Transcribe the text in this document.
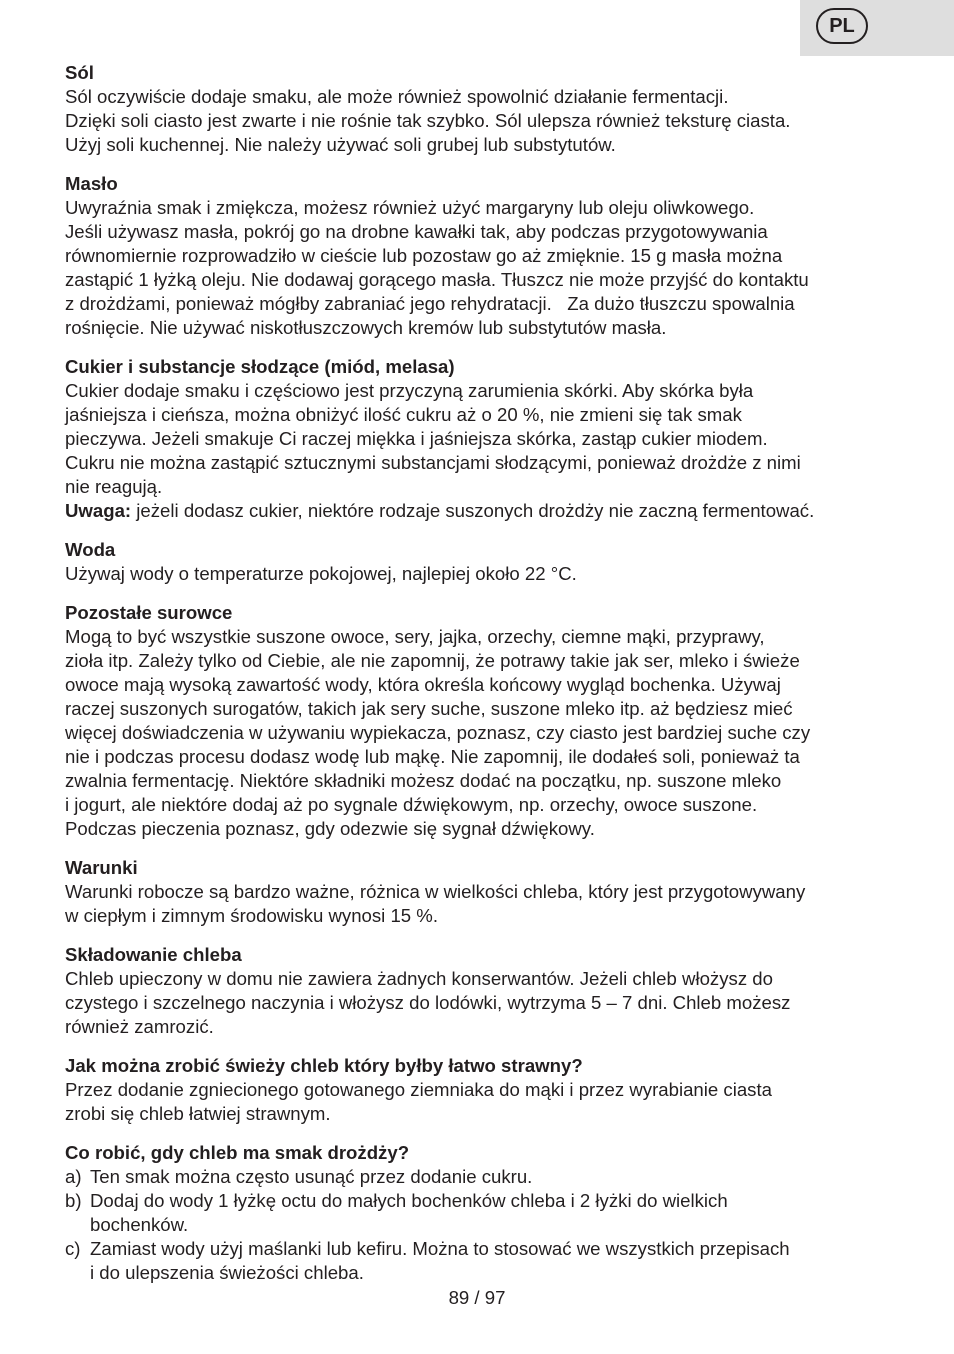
PL
Sól

Sól oczywiście dodaje smaku, ale może również spowolnić działanie fermentacji.

Dzięki soli ciasto jest zwarte i nie rośnie tak szybko. Sól ulepsza również teksturę ciasta.

Użyj soli kuchennej. Nie należy używać soli grubej lub substytutów.

Masło

Uwyraźnia smak i zmiękcza, możesz również użyć margaryny lub oleju oliwkowego.

Jeśli używasz masła, pokrój go na drobne kawałki tak, aby podczas przygotowywania

równomiernie rozprowadziło w cieście lub pozostaw go aż zmięknie. 15 g masła można

zastąpić 1 łyżką oleju. Nie dodawaj gorącego masła. Tłuszcz nie może przyjść do kontaktu

z drożdżami, ponieważ mógłby zabraniać jego rehydratacji.   Za dużo tłuszczu spowalnia

rośnięcie. Nie używać niskotłuszczowych kremów lub substytutów masła.

Cukier i substancje słodzące (miód, melasa)

Cukier dodaje smaku i częściowo jest przyczyną zarumienia skórki. Aby skórka była

jaśniejsza i cieńsza, można obniżyć ilość cukru aż o 20 %, nie zmieni się tak smak

pieczywa. Jeżeli smakuje Ci raczej miękka i jaśniejsza skórka, zastąp cukier miodem.

Cukru nie można zastąpić sztucznymi substancjami słodzącymi, ponieważ drożdże z nimi

nie reagują.

Uwaga: jeżeli dodasz cukier, niektóre rodzaje suszonych drożdży nie zaczną fermentować.

Woda

Używaj wody o temperaturze pokojowej, najlepiej około 22 °C.

Pozostałe surowce

Mogą to być wszystkie suszone owoce, sery, jajka, orzechy, ciemne mąki, przyprawy,

zioła itp. Zależy tylko od Ciebie, ale nie zapomnij, że potrawy takie jak ser, mleko i świeże

owoce mają wysoką zawartość wody, która określa końcowy wygląd bochenka. Używaj

raczej suszonych surogatów, takich jak sery suche, suszone mleko itp. aż będziesz mieć

więcej doświadczenia w używaniu wypiekacza, poznasz, czy ciasto jest bardziej suche czy

nie i podczas procesu dodasz wodę lub mąkę. Nie zapomnij, ile dodałeś soli, ponieważ ta

zwalnia fermentację. Niektóre składniki możesz dodać na początku, np. suszone mleko

i jogurt, ale niektóre dodaj aż po sygnale dźwiękowym, np. orzechy, owoce suszone.

Podczas pieczenia poznasz, gdy odezwie się sygnał dźwiękowy.

Warunki

Warunki robocze są bardzo ważne, różnica w wielkości chleba, który jest przygotowywany

w ciepłym i zimnym środowisku wynosi 15 %.

Składowanie chleba

Chleb upieczony w domu nie zawiera żadnych konserwantów. Jeżeli chleb włożysz do

czystego i szczelnego naczynia i włożysz do lodówki, wytrzyma 5 – 7 dni. Chleb możesz

również zamrozić.

Jak można zrobić świeży chleb który byłby łatwo strawny?

Przez dodanie zgniecionego gotowanego ziemniaka do mąki i przez wyrabianie ciasta

zrobi się chleb łatwiej strawnym.

Co robić, gdy chleb ma smak drożdży?
a) Ten smak można często usunąć przez dodanie cukru.
b) Dodaj do wody 1 łyżkę octu do małych bochenków chleba i 2 łyżki do wielkich
bochenków.
c) Zamiast wody użyj maślanki lub kefiru. Można to stosować we wszystkich przepisach
i do ulepszenia świeżości chleba.
89 / 97
